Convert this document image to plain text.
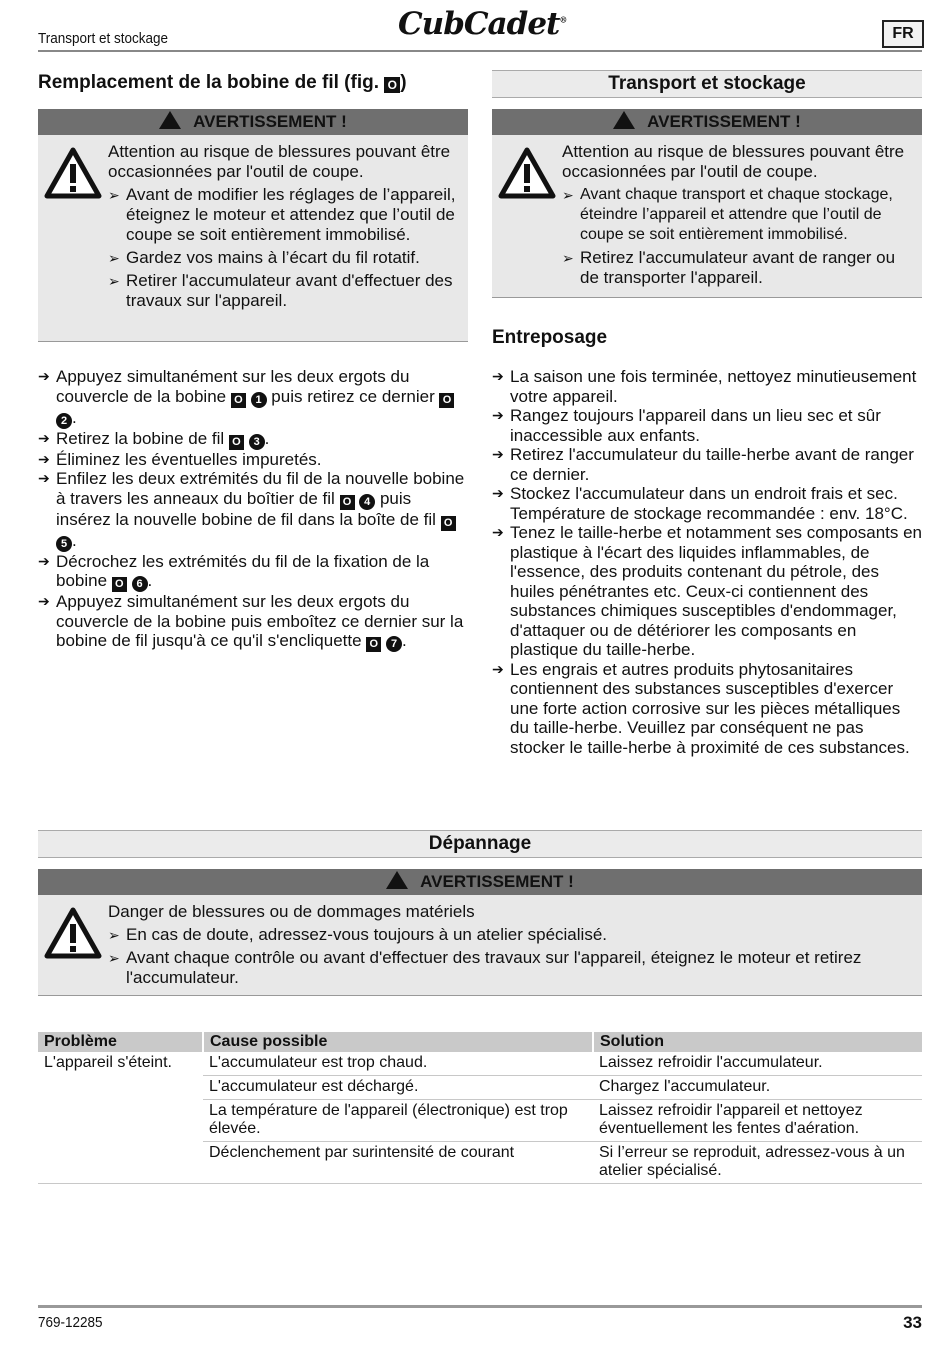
Transport et stockage	CubCadet®
FR
Remplacement de la bobine de fil (fig. O )
AVERTISSEMENT !
Attention au risque de blessures pouvant être occasionnées par l'outil de coupe.
➢ Avant de modifier les réglages de l’appareil, éteignez le moteur et attendez que l’outil de coupe se soit entièrement immobilisé.
➢ Gardez vos mains à l’écart du fil rotatif.
➢ Retirer l'accumulateur avant d'effectuer des travaux sur l'appareil.
➔ Appuyez simultanément sur les deux ergots du couvercle de la bobine O 1 puis retirez ce dernier O 2 .
➔ Retirez la bobine de fil O 3 .
➔ Éliminez les éventuelles impuretés.
➔ Enfilez les deux extrémités du fil de la nouvelle bobine à travers les anneaux du boîtier de fil O 4 puis insérez la nouvelle bobine de fil dans la boîte de fil O 5 .
➔ Décrochez les extrémités du fil de la fixation de la bobine O 6 .
➔ Appuyez simultanément sur les deux ergots du couvercle de la bobine puis emboîtez ce dernier sur la bobine de fil jusqu'à ce qu'il s'encliquette O 7 .
Transport et stockage
AVERTISSEMENT !
Attention au risque de blessures pouvant être occasionnées par l'outil de coupe.
➢ Avant chaque transport et chaque stockage, éteindre l’appareil et attendre que l’outil de coupe se soit entièrement immobilisé.
➢ Retirez l'accumulateur avant de ranger ou de transporter l'appareil.
Entreposage
➔ La saison une fois terminée, nettoyez minutieusement votre appareil.
➔ Rangez toujours l'appareil dans un lieu sec et sûr inaccessible aux enfants.
➔ Retirez l'accumulateur du taille-herbe avant de ranger ce dernier.
➔ Stockez l'accumulateur dans un endroit frais et sec. Température de stockage recommandée : env. 18°C.
➔ Tenez le taille-herbe et notamment ses composants en plastique à l'écart des liquides inflammables, de l'essence, des produits contenant du pétrole, des huiles pénétrantes etc. Ceux-ci contiennent des substances chimiques susceptibles d'endommager, d'attaquer ou de détériorer les composants en plastique du taille-herbe.
➔ Les engrais et autres produits phytosanitaires contiennent des substances susceptibles d'exercer une forte action corrosive sur les pièces métalliques du taille-herbe. Veuillez par conséquent ne pas stocker le taille-herbe à proximité de ces substances.
Dépannage
AVERTISSEMENT !
Danger de blessures ou de dommages matériels
➢ En cas de doute, adressez-vous toujours à un atelier spécialisé.
➢ Avant chaque contrôle ou avant d'effectuer des travaux sur l'appareil, éteignez le moteur et retirez l'accumulateur.
Problème	Cause possible	Solution
L'appareil s'éteint.	L'accumulateur est trop chaud.	Laissez refroidir l'accumulateur.
	L'accumulateur est déchargé.	Chargez l'accumulateur.
	La température de l'appareil (électronique) est trop élevée.	Laissez refroidir l'appareil et nettoyez éventuellement les fentes d'aération.
	Déclenchement par surintensité de courant	Si l’erreur se reproduit, adressez-vous à un atelier spécialisé.
769-12285	33
